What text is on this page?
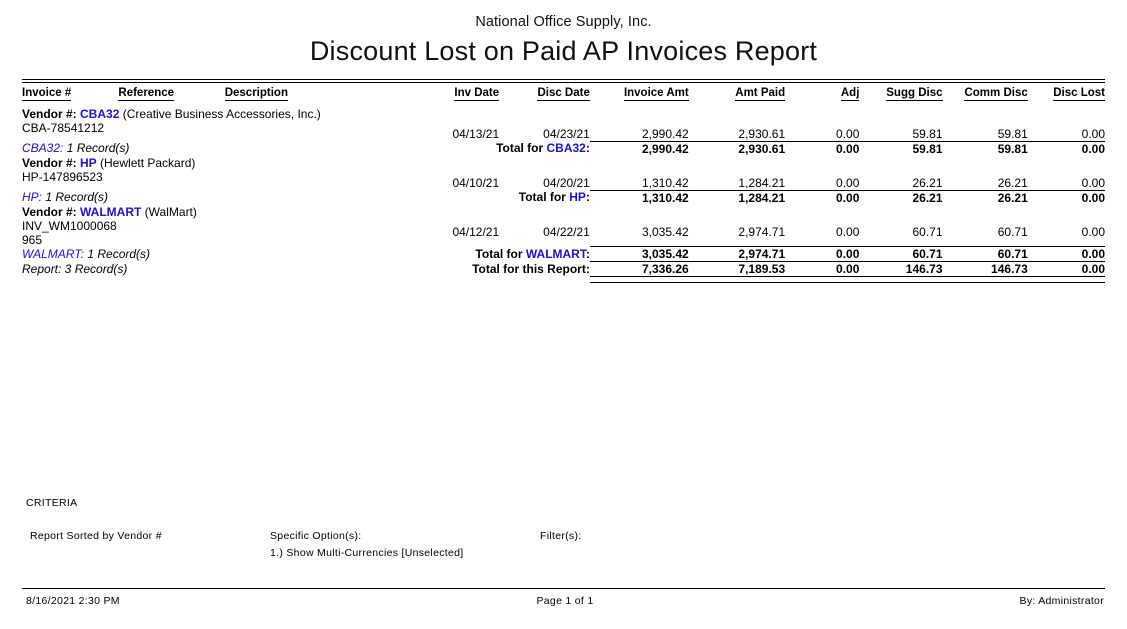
National Office Supply, Inc.
Discount Lost on Paid AP Invoices Report
Invoice #	Reference	Description	Inv Date	Disc Date	Invoice Amt	Amt Paid	Adj	Sugg Disc	Comm Disc	Disc Lost
Vendor #: CBA32 (Creative Business Accessories, Inc.)										
CBA-78541212			04/13/21	04/23/21	2,990.42	2,930.61	0.00	59.81	59.81	0.00
CBA32: 1 Record(s)			Total for CBA32:		2,990.42	2,930.61	0.00	59.81	59.81	0.00
Vendor #: HP (Hewlett Packard)										
HP-147896523			04/10/21	04/20/21	1,310.42	1,284.21	0.00	26.21	26.21	0.00
HP: 1 Record(s)			Total for HP:		1,310.42	1,284.21	0.00	26.21	26.21	0.00
Vendor #: WALMART (WalMart)										
INV_WM1000068965			04/12/21	04/22/21	3,035.42	2,974.71	0.00	60.71	60.71	0.00
WALMART: 1 Record(s)			Total for WALMART:		3,035.42	2,974.71	0.00	60.71	60.71	0.00
Report: 3 Record(s)			Total for this Report:		7,336.26	7,189.53	0.00	146.73	146.73	0.00

CRITERIA
Report Sorted by Vendor #	Specific Option(s):
1.) Show Multi-Currencies [Unselected]
Filter(s):
Page 1 of 1
8/16/2021 2:30 PM	By: Administrator
